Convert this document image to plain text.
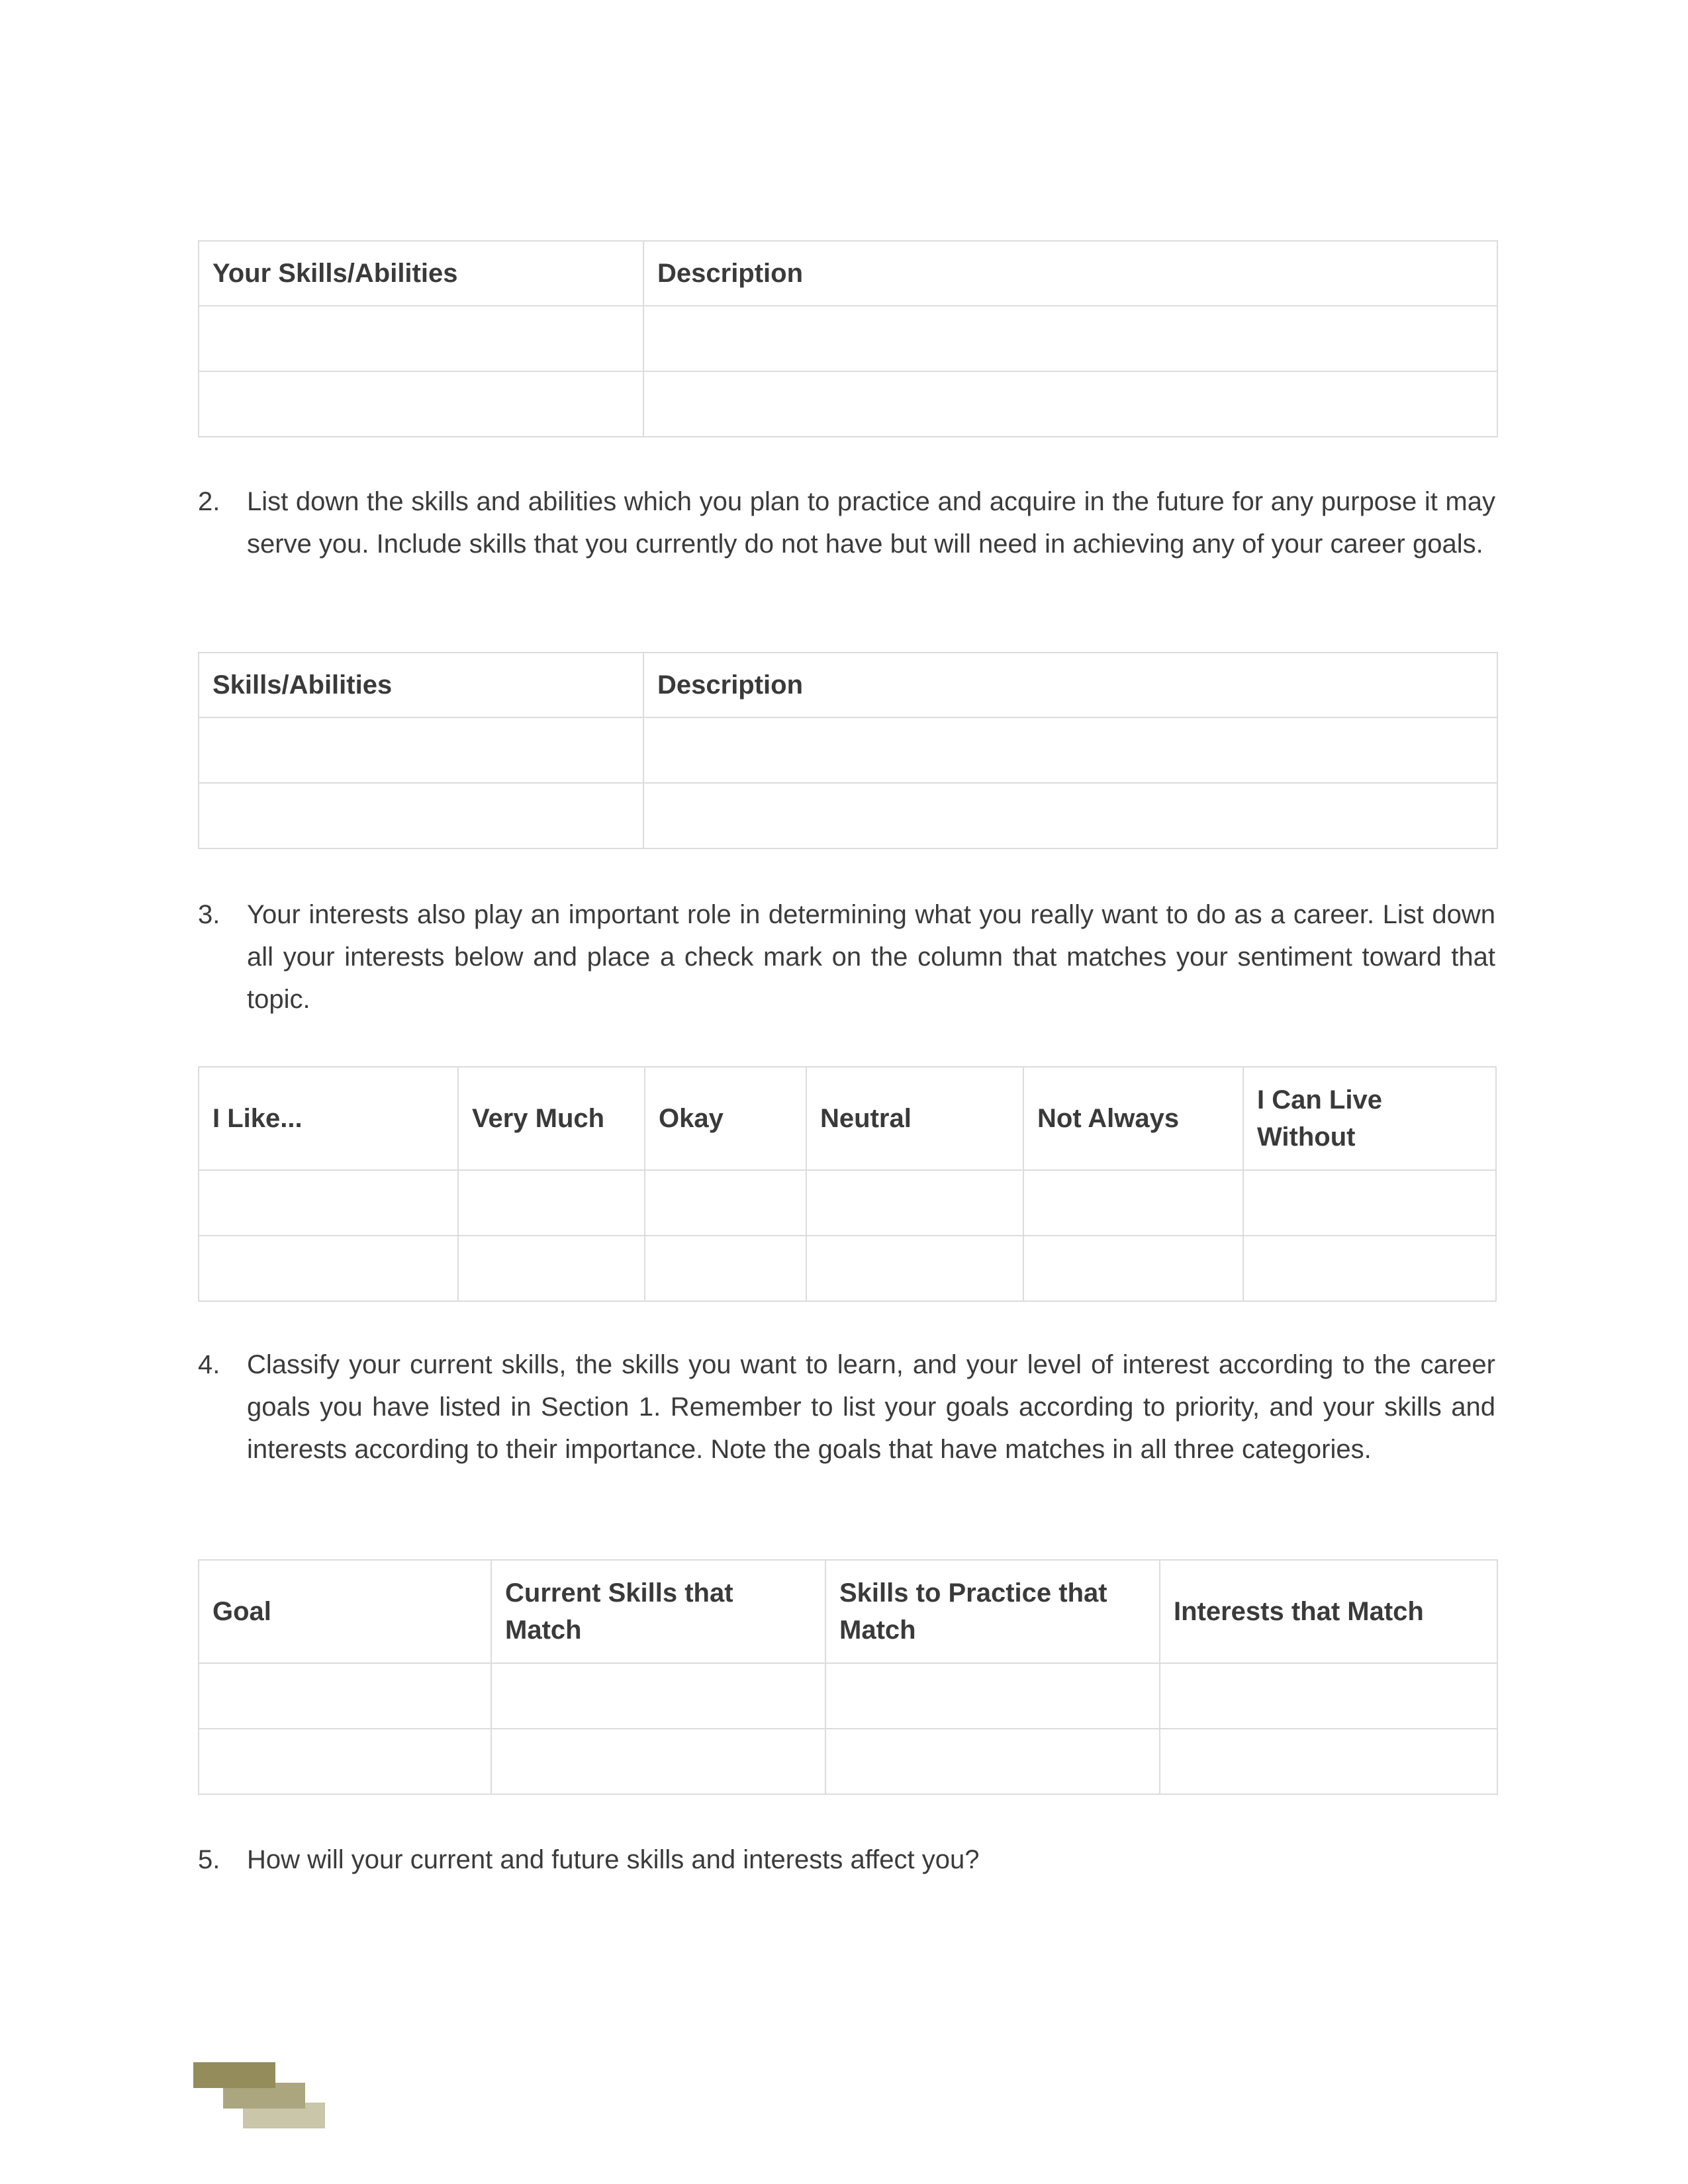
Your Skills/Abilities	Description

2.	List down the skills and abilities which you plan to practice and acquire in the future for any purpose it may serve you. Include skills that you currently do not have but will need in achieving any of your career goals.
Skills/Abilities	Description

3.	Your interests also play an important role in determining what you really want to do as a career. List down all your interests below and place a check mark on the column that matches your sentiment toward that topic.
I Like...	Very Much	Okay	Neutral	Not Always	I Can Live Without

4.	Classify your current skills, the skills you want to learn, and your level of interest according to the career goals you have listed in Section 1. Remember to list your goals according to priority, and your skills and interests according to their importance. Note the goals that have matches in all three categories.
Goal	Current Skills that Match	Skills to Practice that Match	Interests that Match

5.	How will your current and future skills and interests affect you?
